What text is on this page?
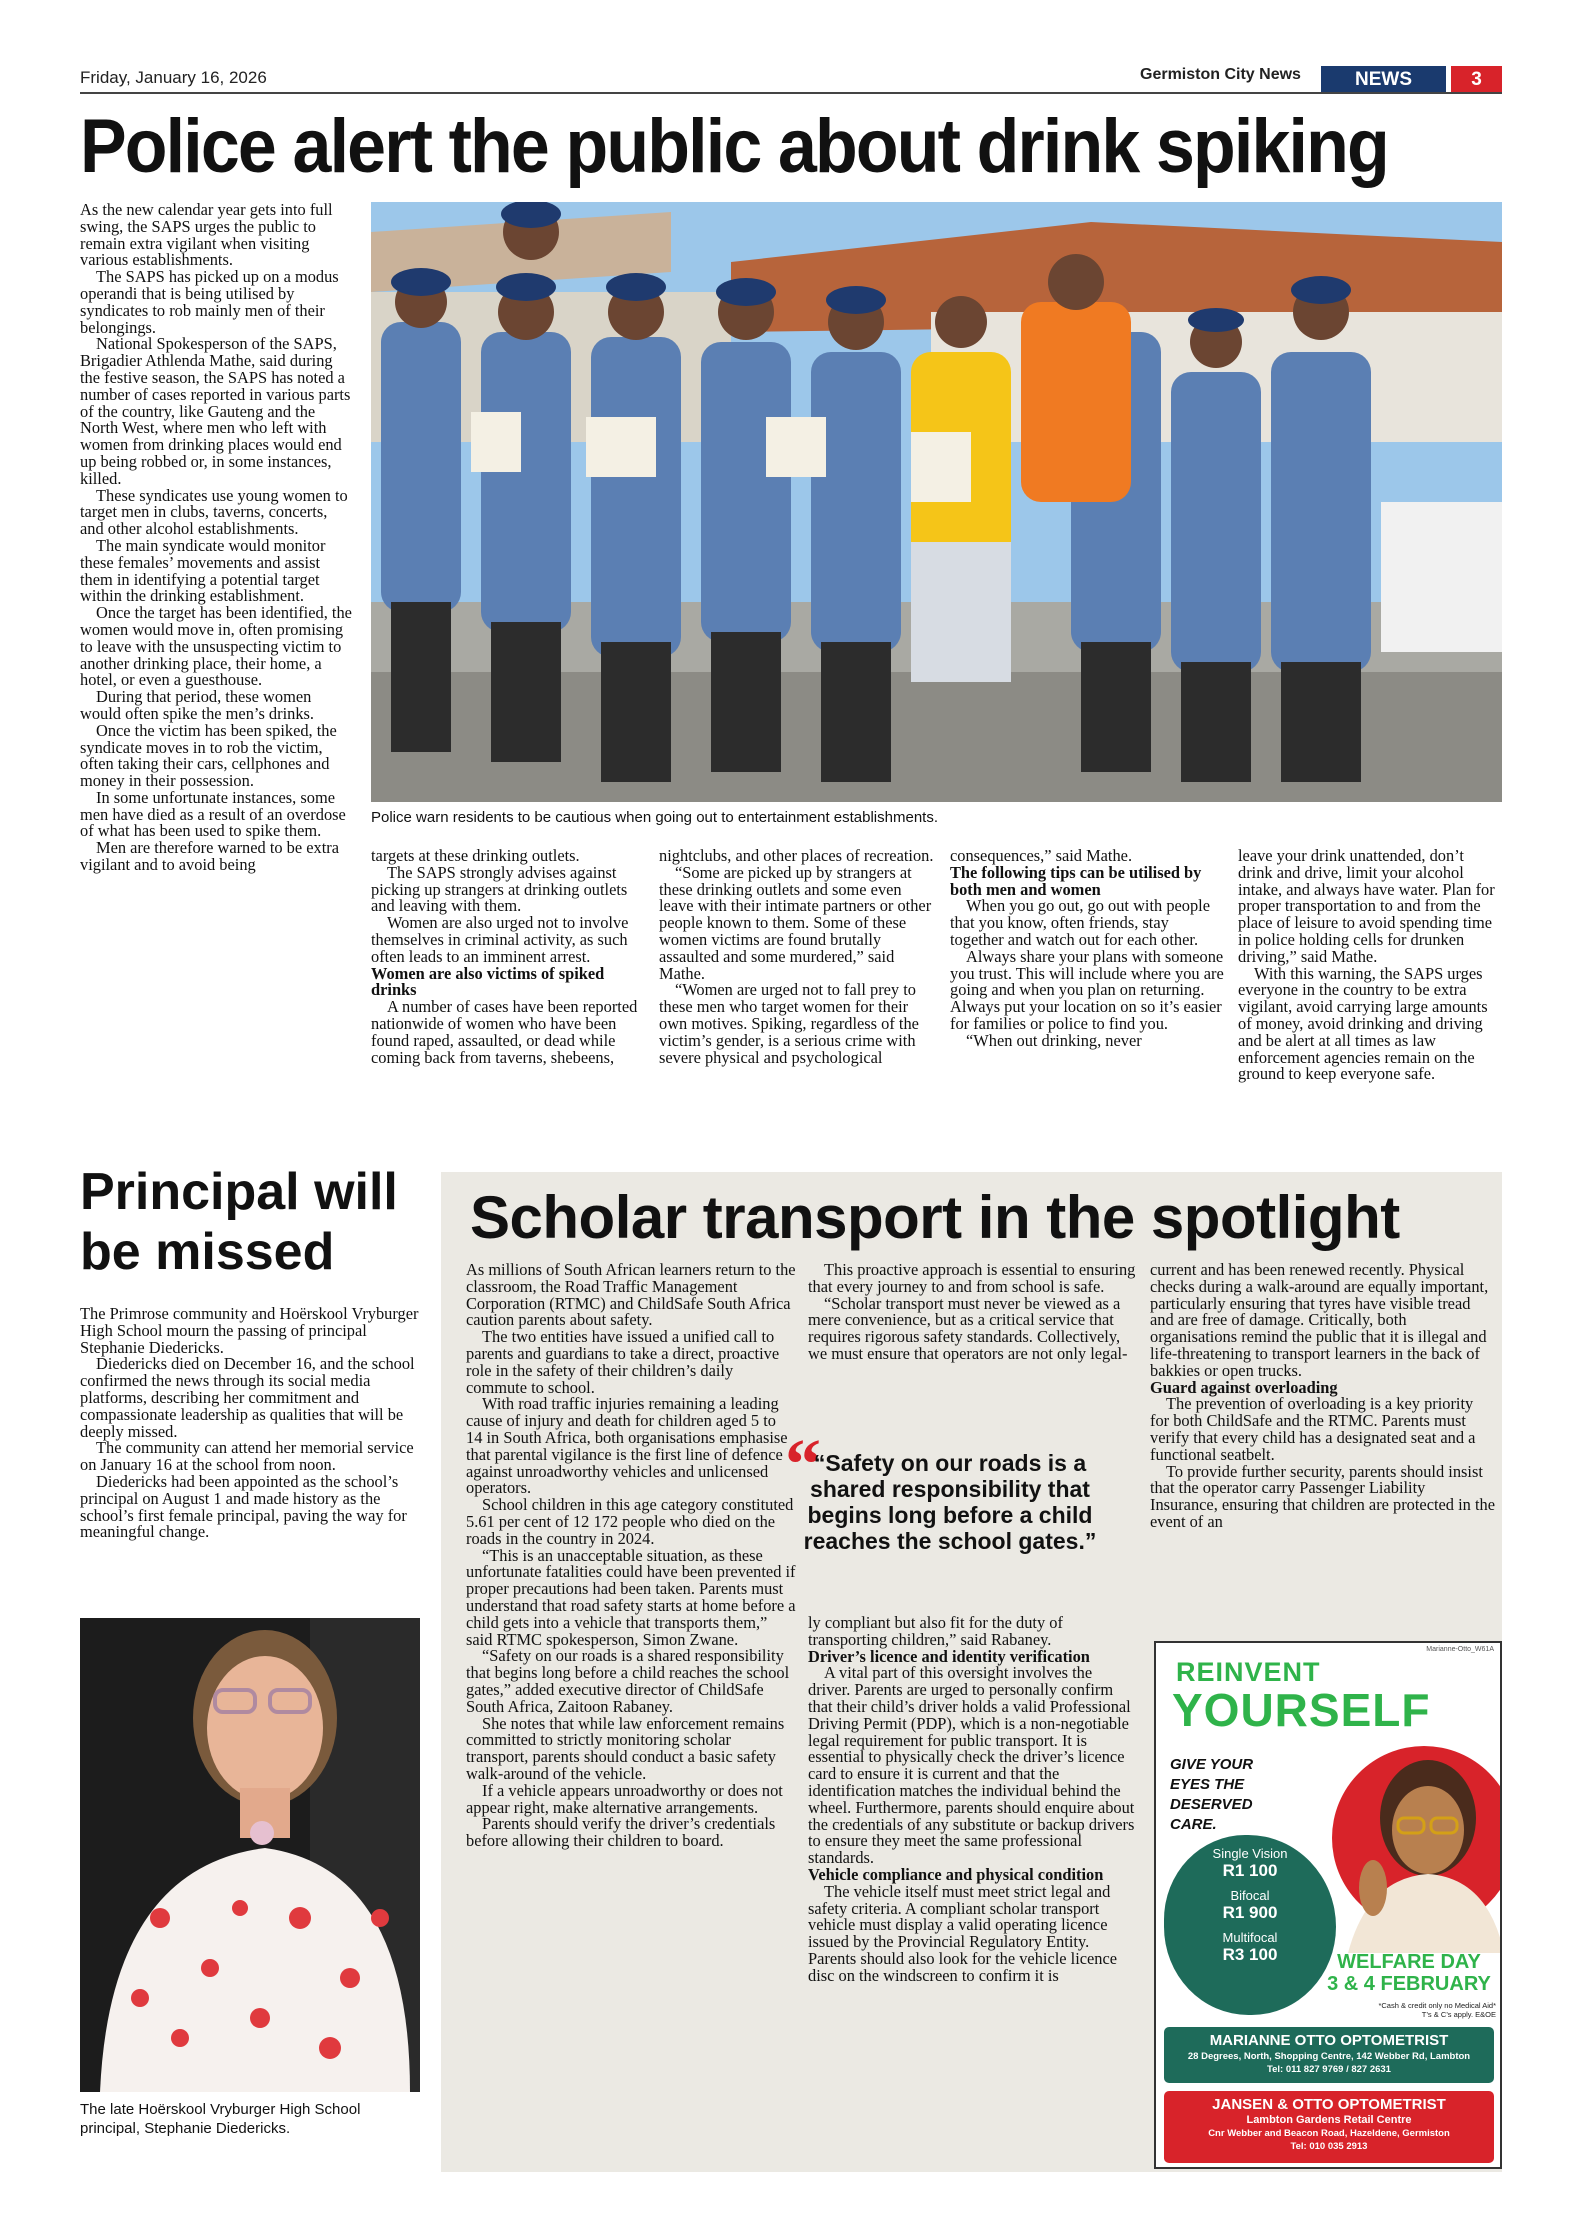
Friday, January 16, 2026	Germiston City News	NEWS	3
Police alert the public about drink spiking

As the new calendar year gets into full swing, the SAPS urges the public to remain extra vigilant when visiting various establishments.

The SAPS has picked up on a modus operandi that is being utilised by syndicates to rob mainly men of their belongings.

National Spokesperson of the SAPS, Brigadier Athlenda Mathe, said during the festive season, the SAPS has noted a number of cases reported in various parts of the country, like Gauteng and the North West, where men who left with women from drinking places would end up being robbed or, in some instances, killed.

These syndicates use young women to target men in clubs, taverns, concerts, and other alcohol establishments.

The main syndicate would monitor these females’ movements and assist them in identifying a potential target within the drinking establishment.

Once the target has been identified, the women would move in, often promising to leave with the unsuspecting victim to another drinking place, their home, a hotel, or even a guesthouse.

During that period, these women would often spike the men’s drinks.

Once the victim has been spiked, the syndicate moves in to rob the victim, often taking their cars, cellphones and money in their possession.

In some unfortunate instances, some men have died as a result of an overdose of what has been used to spike them.

Men are therefore warned to be extra vigilant and to avoid being

Police warn residents to be cautious when going out to entertainment establishments.

targets at these drinking outlets.

The SAPS strongly advises against picking up strangers at drinking outlets and leaving with them.

Women are also urged not to involve themselves in criminal activity, as such often leads to an imminent arrest.

Women are also victims of spiked drinks

A number of cases have been reported nationwide of women who have been found raped, assaulted, or dead while coming back from taverns, shebeens,

nightclubs, and other places of recreation.

“Some are picked up by strangers at these drinking outlets and some even leave with their intimate partners or other people known to them. Some of these women victims are found brutally assaulted and some murdered,” said Mathe.

“Women are urged not to fall prey to these men who target women for their own motives. Spiking, regardless of the victim’s gender, is a serious crime with severe physical and psychological

consequences,” said Mathe.

The following tips can be utilised by both men and women

When you go out, go out with people that you know, often friends, stay together and watch out for each other.

Always share your plans with someone you trust. This will include where you are going and when you plan on returning. Always put your location on so it’s easier for families or police to find you.

“When out drinking, never

leave your drink unattended, don’t drink and drive, limit your alcohol intake, and always have water. Plan for proper transportation to and from the place of leisure to avoid spending time in police holding cells for drunken driving,” said Mathe.

With this warning, the SAPS urges everyone in the country to be extra vigilant, avoid carrying large amounts of money, avoid drinking and driving and be alert at all times as law enforcement agencies remain on the ground to keep everyone safe.

Principal will be missed

The Primrose community and Hoërskool Vryburger High School mourn the passing of principal Stephanie Diedericks.

Diedericks died on December 16, and the school confirmed the news through its social media platforms, describing her commitment and compassionate leadership as qualities that will be deeply missed.

The community can attend her memorial service on January 16 at the school from noon.

Diedericks had been appointed as the school’s principal on August 1 and made history as the school’s first female principal, paving the way for meaningful change.

The late Hoërskool Vryburger High School principal, Stephanie Diedericks.
Scholar transport in the spotlight

As millions of South African learners return to the classroom, the Road Traffic Management Corporation (RTMC) and ChildSafe South Africa caution parents about safety.

The two entities have issued a unified call to parents and guardians to take a direct, proactive role in the safety of their children’s daily commute to school.

With road traffic injuries remaining a leading cause of injury and death for children aged 5 to 14 in South Africa, both organisations emphasise that parental vigilance is the first line of defence against unroadworthy vehicles and unlicensed operators.

School children in this age category constituted 5.61 per cent of 12 172 people who died on the roads in the country in 2024.

“This is an unacceptable situation, as these unfortunate fatalities could have been prevented if proper precautions had been taken. Parents must understand that road safety starts at home before a child gets into a vehicle that transports them,” said RTMC spokesperson, Simon Zwane.

“Safety on our roads is a shared responsibility that begins long before a child reaches the school gates,” added executive director of ChildSafe South Africa, Zaitoon Rabaney.

She notes that while law enforcement remains committed to strictly monitoring scholar transport, parents should conduct a basic safety walk-around of the vehicle.

If a vehicle appears unroadworthy or does not appear right, make alternative arrangements.

Parents should verify the driver’s credentials before allowing their children to board.

This proactive approach is essential to ensuring that every journey to and from school is safe.

“Scholar transport must never be viewed as a mere convenience, but as a critical service that requires rigorous safety standards. Collectively, we must ensure that operators are not only legal-

“
“Safety on our roads is a shared responsibility that begins long before a child reaches the school gates.”

ly compliant but also fit for the duty of transporting children,” said Rabaney.

Driver’s licence and identity verification

A vital part of this oversight involves the driver. Parents are urged to personally confirm that their child’s driver holds a valid Professional Driving Permit (PDP), which is a non-negotiable legal requirement for public transport. It is essential to physically check the driver’s licence card to ensure it is current and that the identification matches the individual behind the wheel. Furthermore, parents should enquire about the credentials of any substitute or backup drivers to ensure they meet the same professional standards.

Vehicle compliance and physical condition

The vehicle itself must meet strict legal and safety criteria. A compliant scholar transport vehicle must display a valid operating licence issued by the Provincial Regulatory Entity. Parents should also look for the vehicle licence disc on the windscreen to confirm it is

current and has been renewed recently. Physical checks during a walk-around are equally important, particularly ensuring that tyres have visible tread and are free of damage. Critically, both organisations remind the public that it is illegal and life-threatening to transport learners in the back of bakkies or open trucks.

Guard against overloading

The prevention of overloading is a key priority for both ChildSafe and the RTMC. Parents must verify that every child has a designated seat and a functional seatbelt.

To provide further security, parents should insist that the operator carry Passenger Liability Insurance, ensuring that children are protected in the event of an

Marianne-Otto_W61A
REINVENT
YOURSELF
GIVE YOUR EYES THE DESERVED CARE.
Single Vision
R1 100
Bifocal
R1 900
Multifocal
R3 100	WELFARE DAY
3 & 4 FEBRUARY
*Cash & credit only no Medical Aid*
T’s & C’s apply. E&OE
MARIANNE OTTO OPTOMETRIST
28 Degrees, North, Shopping Centre, 142 Webber Rd, Lambton
Tel: 011 827 9769 / 827 2631
JANSEN & OTTO OPTOMETRIST
Lambton Gardens Retail Centre
Cnr Webber and Beacon Road, Hazeldene, Germiston
Tel: 010 035 2913
